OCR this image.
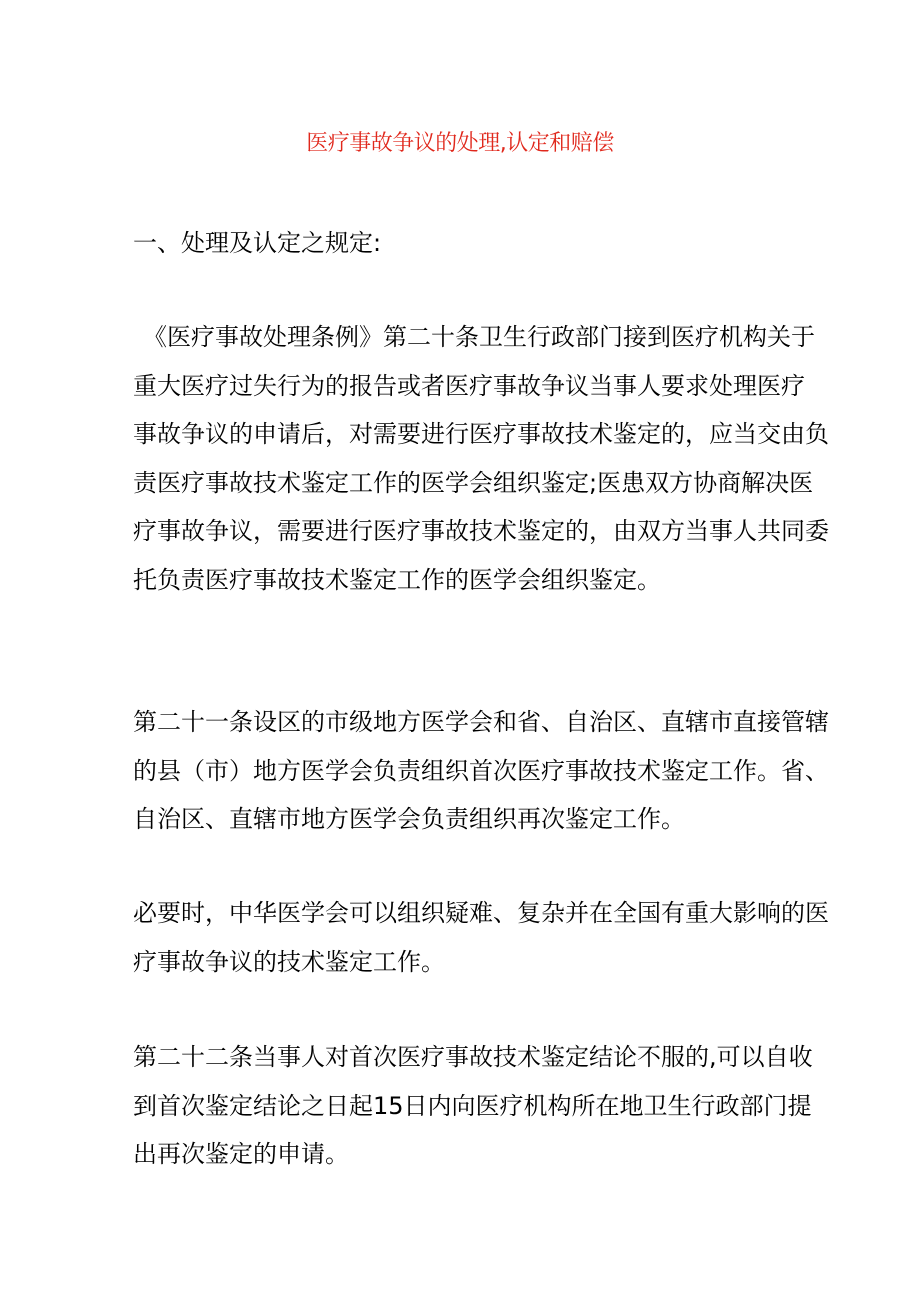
医疗事故争议的处理,认定和赔偿
一、处理及认定之规定:
《医疗事故处理条例》第二十条卫生行政部门接到医疗机构关于
重大医疗过失行为的报告或者医疗事故争议当事人要求处理医疗
事故争议的申请后，对需要进行医疗事故技术鉴定的，应当交由负
责医疗事故技术鉴定工作的医学会组织鉴定;医患双方协商解决医
疗事故争议，需要进行医疗事故技术鉴定的，由双方当事人共同委
托负责医疗事故技术鉴定工作的医学会组织鉴定。
第二十一条设区的市级地方医学会和省、自治区、直辖市直接管辖
的县（市）地方医学会负责组织首次医疗事故技术鉴定工作。省、
自治区、直辖市地方医学会负责组织再次鉴定工作。
必要时，中华医学会可以组织疑难、复杂并在全国有重大影响的医
疗事故争议的技术鉴定工作。
第二十二条当事人对首次医疗事故技术鉴定结论不服的,可以自收
到首次鉴定结论之日起15日内向医疗机构所在地卫生行政部门提
出再次鉴定的申请。
